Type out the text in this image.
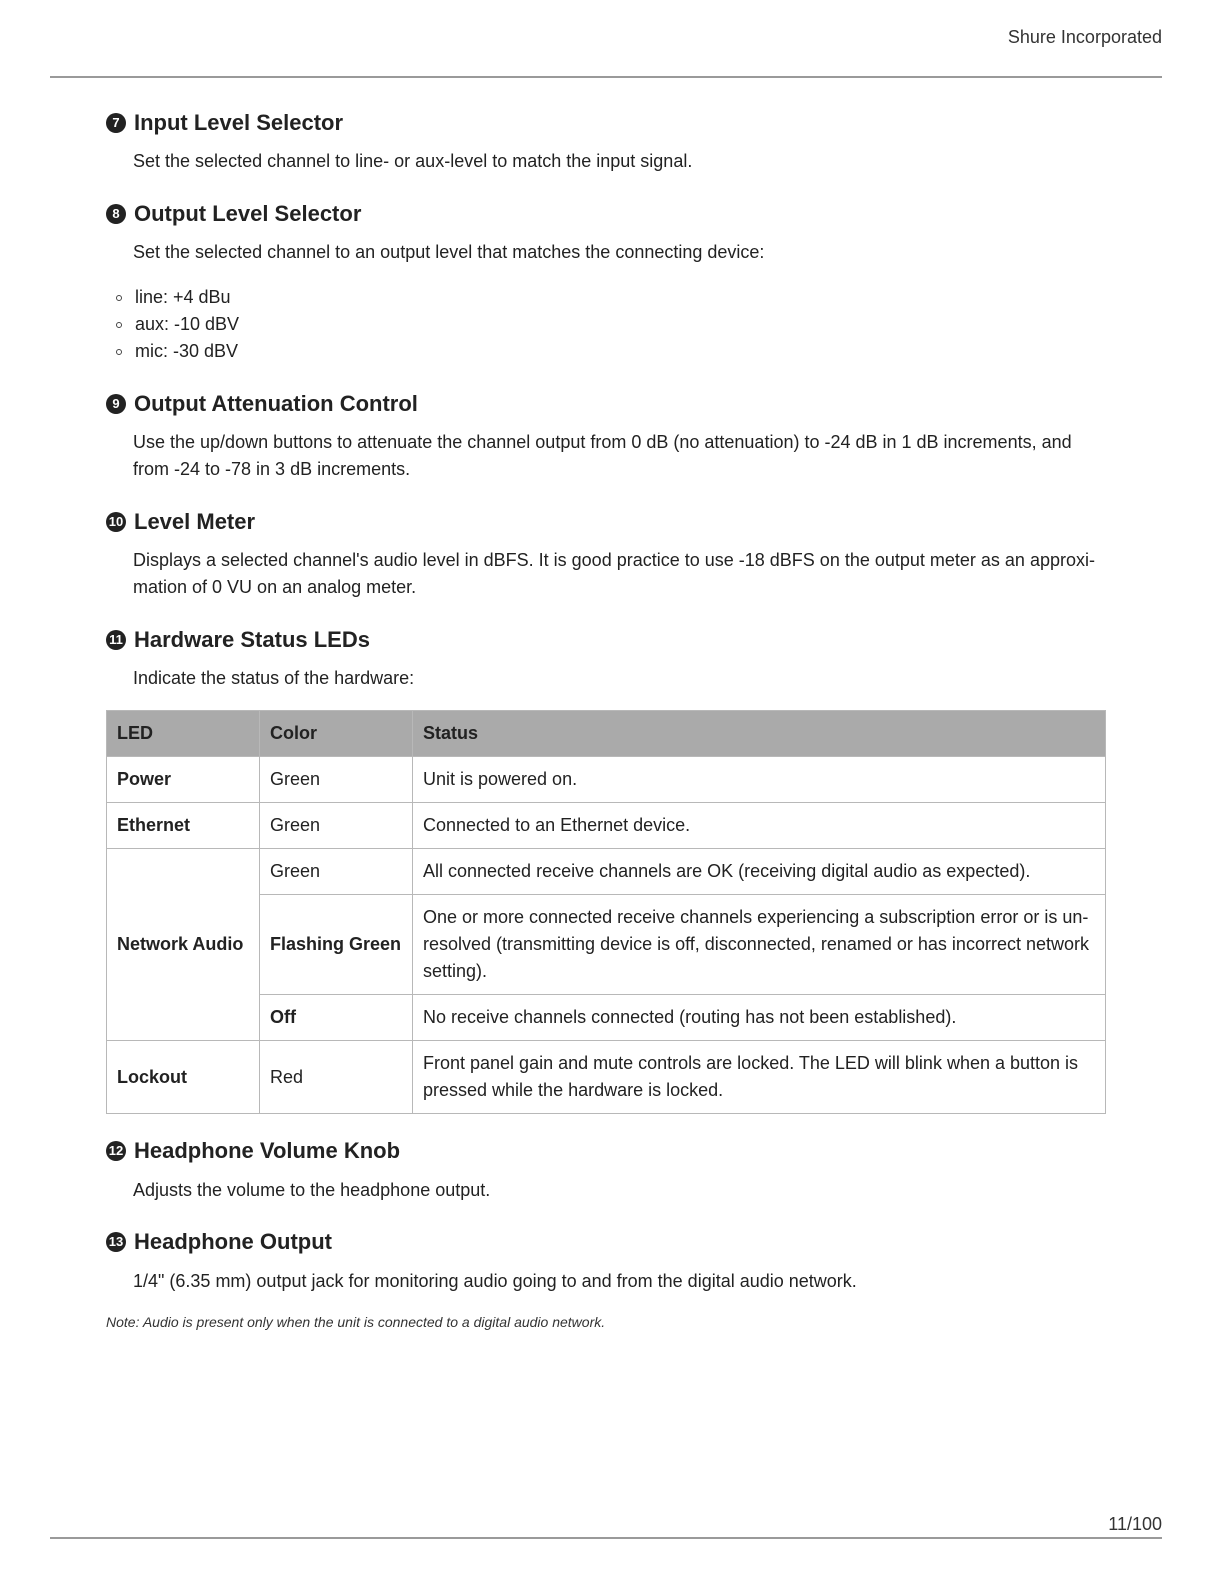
Shure Incorporated
7 Input Level Selector

Set the selected channel to line- or aux-level to match the input signal.

8 Output Level Selector

Set the selected channel to an output level that matches the connecting device:

line: +4 dBu
aux: -10 dBV
mic: -30 dBV
9 Output Attenuation Control

Use the up/down buttons to attenuate the channel output from 0 dB (no attenuation) to -24 dB in 1 dB increments, and from -24 to -78 in 3 dB increments.

10 Level Meter

Displays a selected channel's audio level in dBFS. It is good practice to use -18 dBFS on the output meter as an approximation of 0 VU on an analog meter.

11 Hardware Status LEDs

Indicate the status of the hardware:

LED	Color	Status
Power	Green	Unit is powered on.
Ethernet	Green	Connected to an Ethernet device.
Network Audio	Green	All connected receive channels are OK (receiving digital audio as expected).
	Flashing Green	One or more connected receive channels experiencing a subscription error or is unresolved (transmitting device is off, disconnected, renamed or has incorrect network setting).
	Off	No receive channels connected (routing has not been established).
Lockout	Red	Front panel gain and mute controls are locked. The LED will blink when a button is pressed while the hardware is locked.
12 Headphone Volume Knob

Adjusts the volume to the headphone output.

13 Headphone Output

1/4" (6.35 mm) output jack for monitoring audio going to and from the digital audio network.

Note: Audio is present only when the unit is connected to a digital audio network.
11/100
